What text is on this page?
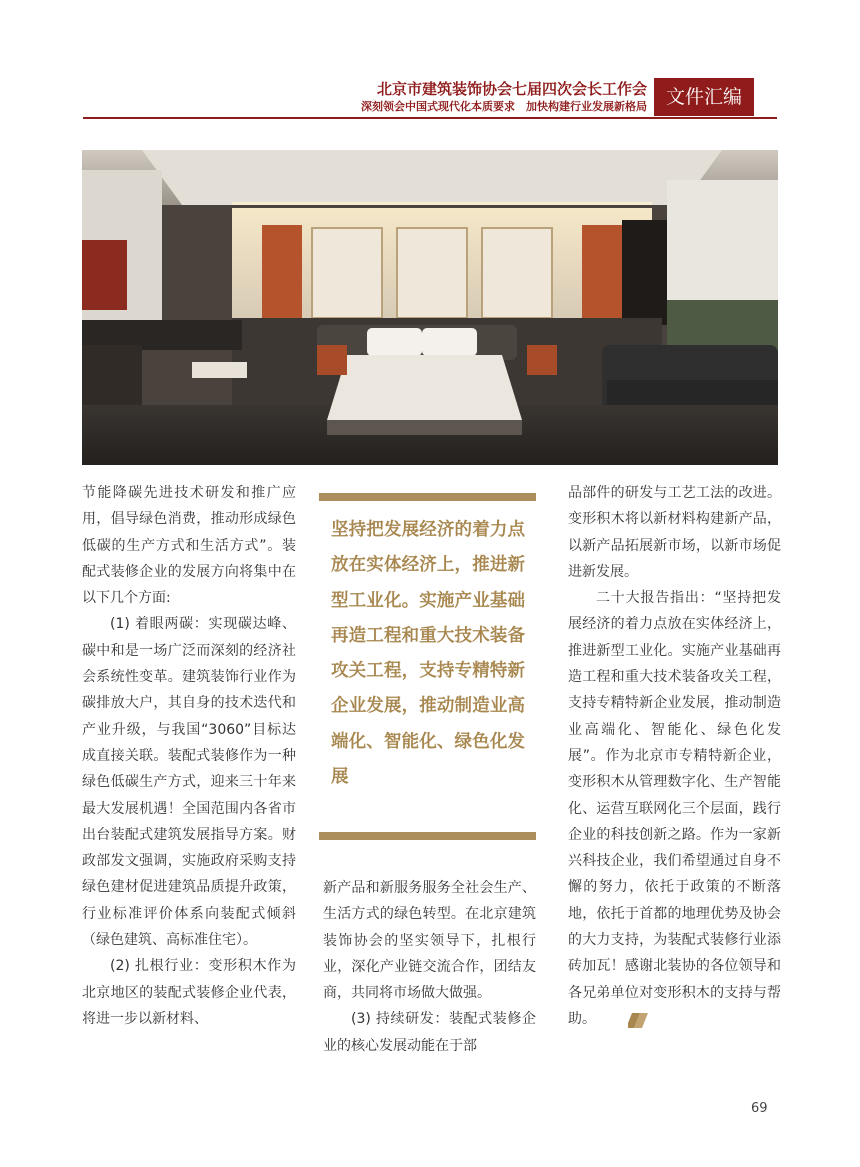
北京市建筑装饰协会七届四次会长工作会
深刻领会中国式现代化本质要求　加快构建行业发展新格局 文件汇编

节能降碳先进技术研发和推广应用，倡导绿色消费，推动形成绿色低碳的生产方式和生活方式”。装配式装修企业的发展方向将集中在以下几个方面:

(1) 着眼两碳：实现碳达峰、碳中和是一场广泛而深刻的经济社会系统性变革。建筑装饰行业作为碳排放大户，其自身的技术迭代和产业升级，与我国“3060”目标达成直接关联。装配式装修作为一种绿色低碳生产方式，迎来三十年来最大发展机遇！全国范围内各省市出台装配式建筑发展指导方案。财政部发文强调，实施政府采购支持绿色建材促进建筑品质提升政策，行业标准评价体系向装配式倾斜（绿色建筑、高标准住宅）。

(2) 扎根行业：变形积木作为北京地区的装配式装修企业代表，将进一步以新材料、

坚持把发展经济的着力点放在实体经济上，推进新型工业化。实施产业基础再造工程和重大技术装备攻关工程，支持专精特新企业发展，推动制造业高端化、智能化、绿色化发展

新产品和新服务服务全社会生产、生活方式的绿色转型。在北京建筑装饰协会的坚实领导下，扎根行业，深化产业链交流合作，团结友商，共同将市场做大做强。

(3) 持续研发：装配式装修企业的核心发展动能在于部

品部件的研发与工艺工法的改进。变形积木将以新材料构建新产品，以新产品拓展新市场，以新市场促进新发展。

二十大报告指出：“坚持把发展经济的着力点放在实体经济上，推进新型工业化。实施产业基础再造工程和重大技术装备攻关工程，支持专精特新企业发展，推动制造业高端化、智能化、绿色化发展”。作为北京市专精特新企业，变形积木从管理数字化、生产智能化、运营互联网化三个层面，践行企业的科技创新之路。作为一家新兴科技企业，我们希望通过自身不懈的努力，依托于政策的不断落地，依托于首都的地理优势及协会的大力支持，为装配式装修行业添砖加瓦！感谢北装协的各位领导和各兄弟单位对变形积木的支持与帮助。

69
